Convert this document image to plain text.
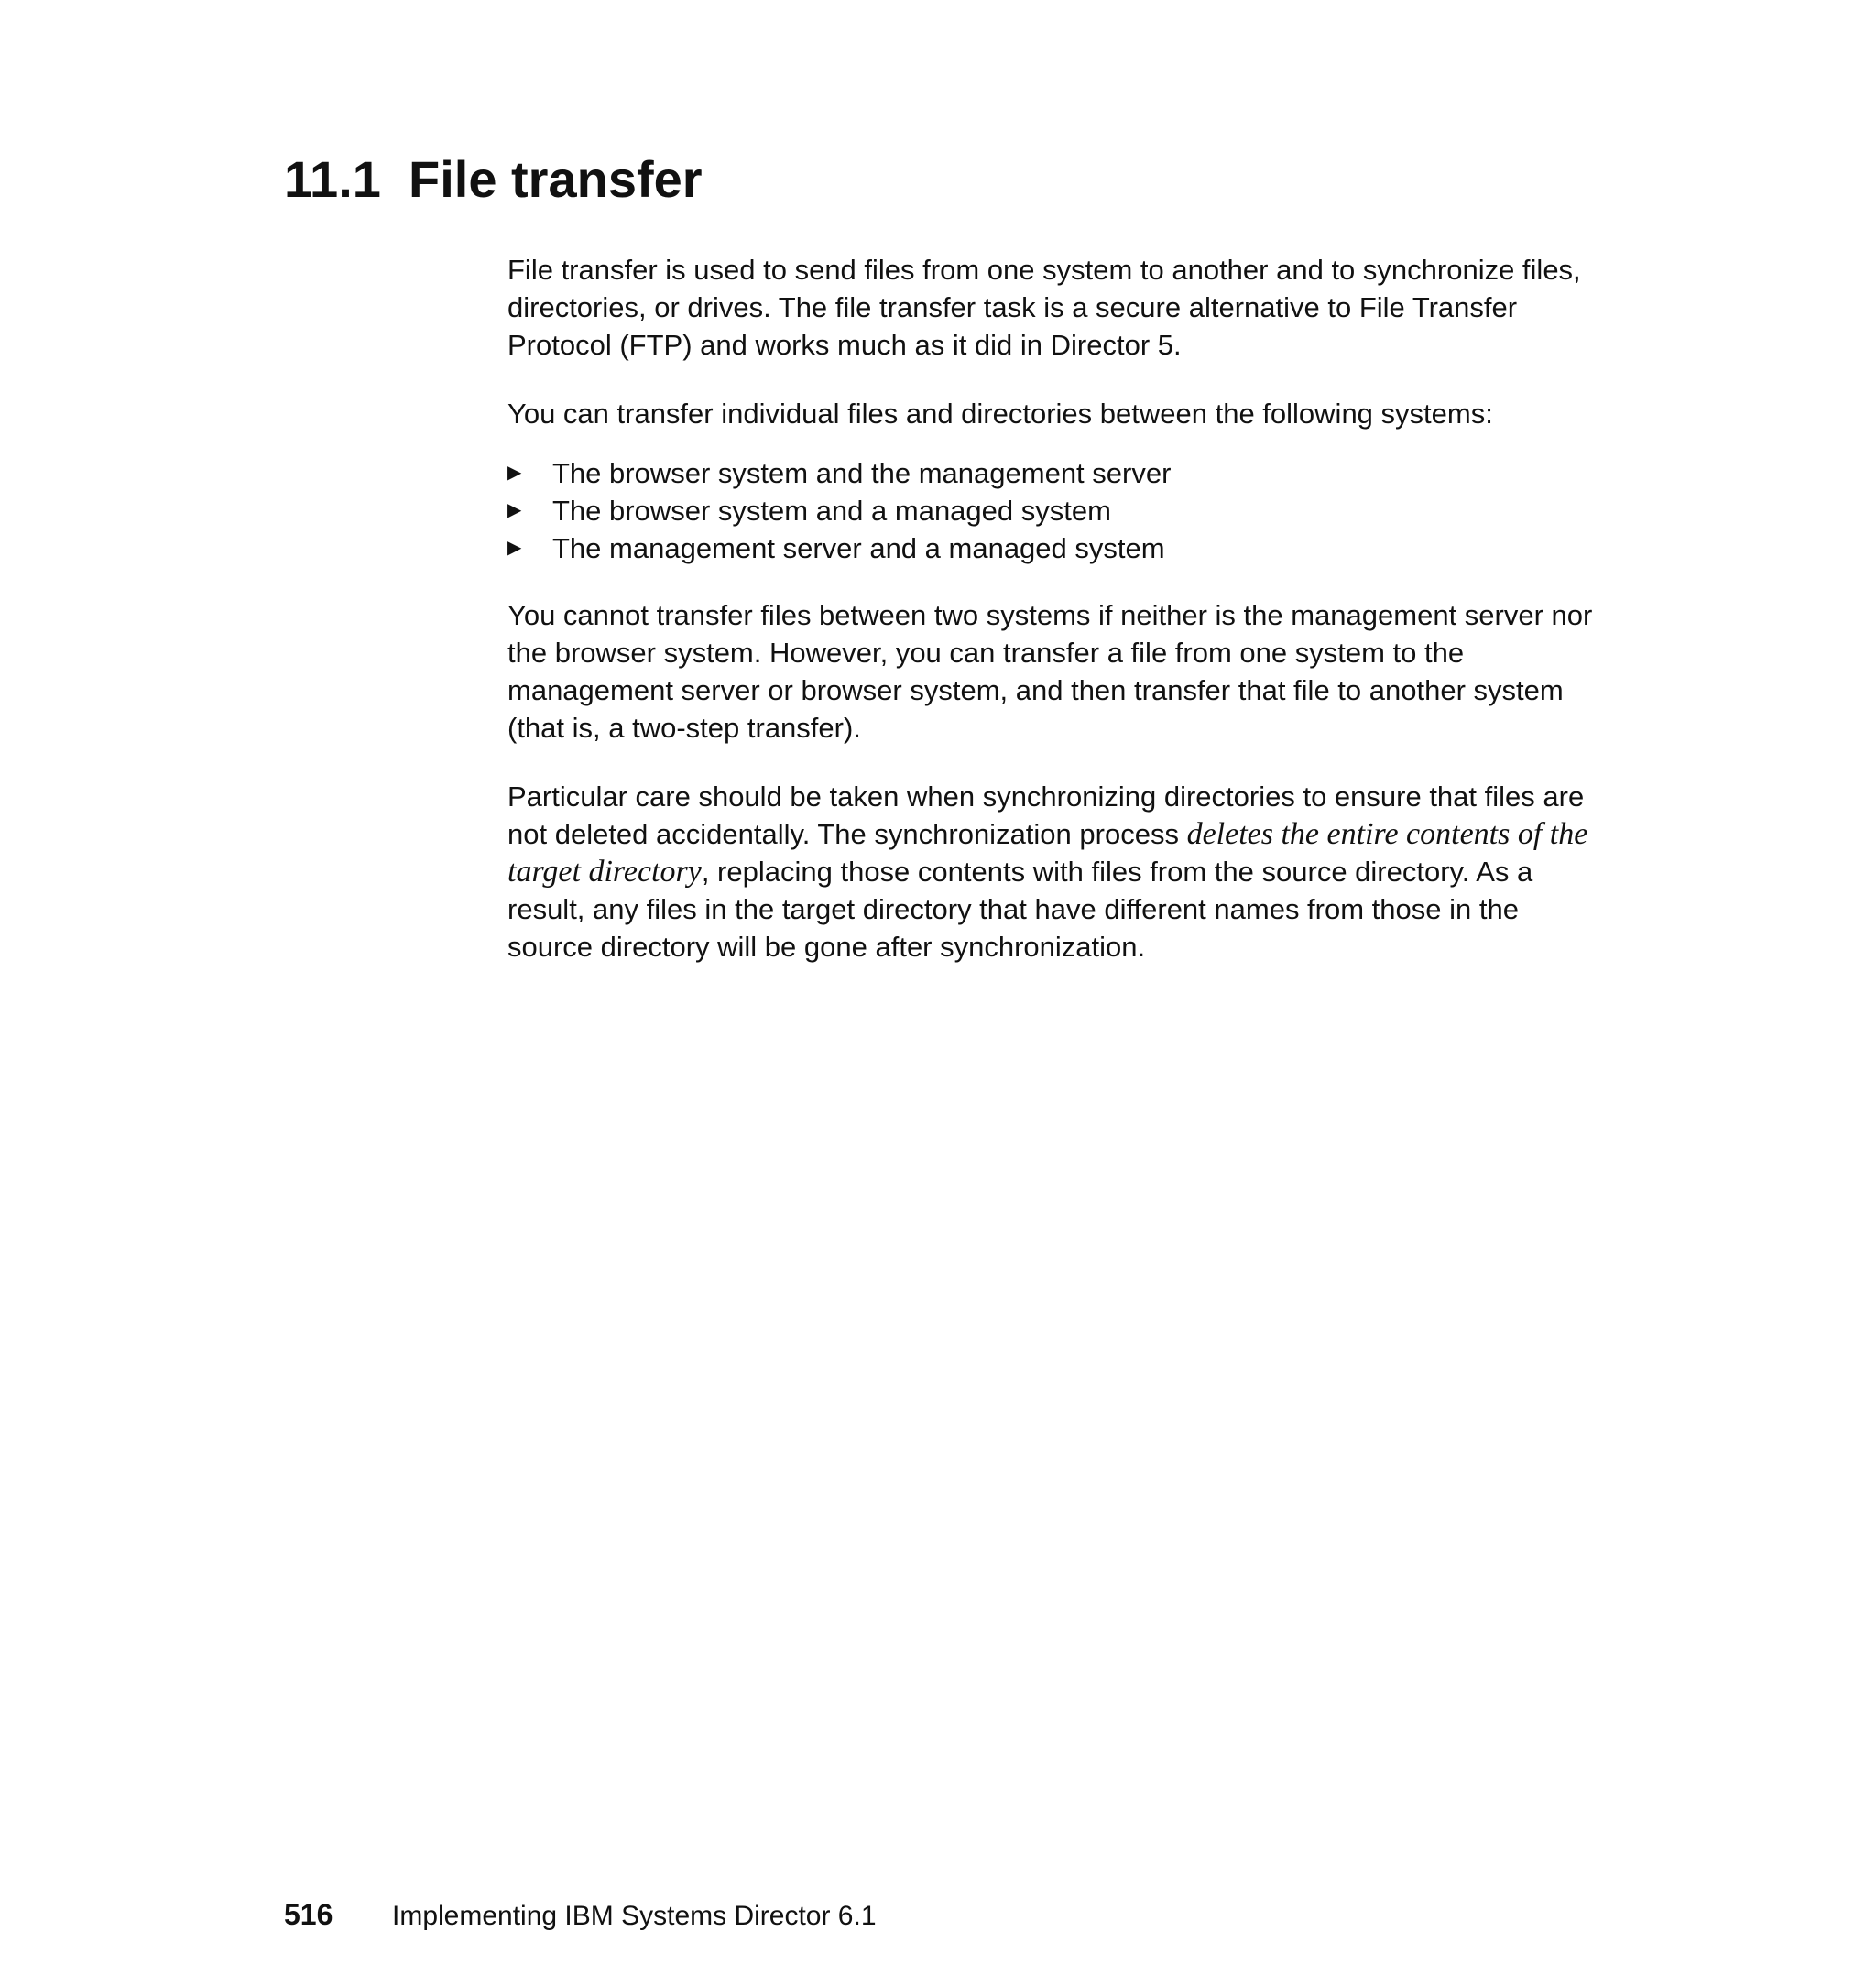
11.1 File transfer

File transfer is used to send files from one system to another and to synchronize files, directories, or drives. The file transfer task is a secure alternative to File Transfer Protocol (FTP) and works much as it did in Director 5.

You can transfer individual files and directories between the following systems:

▶ The browser system and the management server
▶ The browser system and a managed system
▶ The management server and a managed system

You cannot transfer files between two systems if neither is the management server nor the browser system. However, you can transfer a file from one system to the management server or browser system, and then transfer that file to another system (that is, a two-step transfer).

Particular care should be taken when synchronizing directories to ensure that files are not deleted accidentally. The synchronization process deletes the entire contents of the target directory, replacing those contents with files from the source directory. As a result, any files in the target directory that have different names from those in the source directory will be gone after synchronization.

516 Implementing IBM Systems Director 6.1
